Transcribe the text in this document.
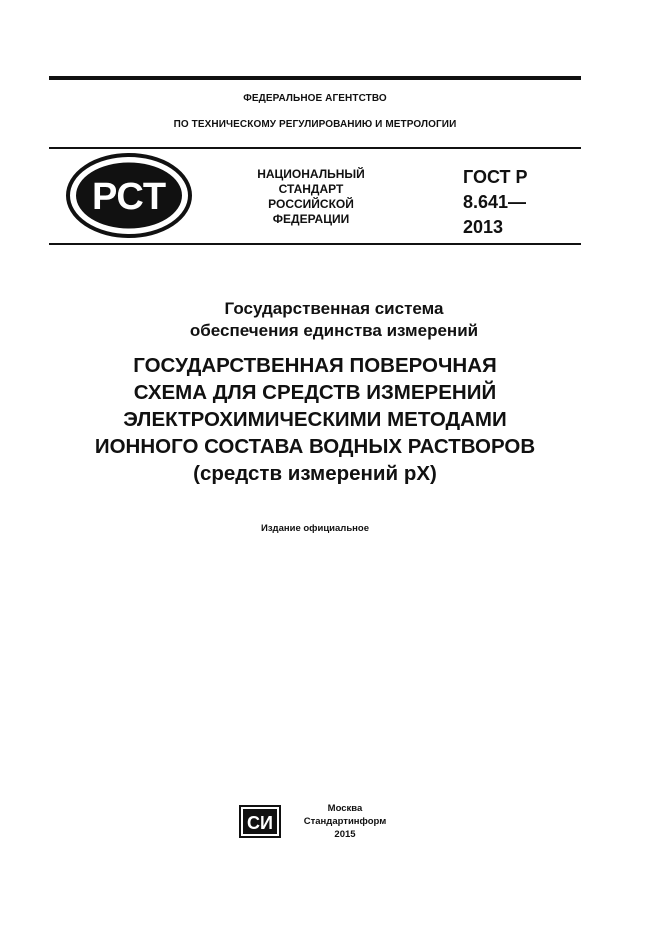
ФЕДЕРАЛЬНОЕ АГЕНТСТВО
ПО ТЕХНИЧЕСКОМУ РЕГУЛИРОВАНИЮ И МЕТРОЛОГИИ
РСТ
НАЦИОНАЛЬНЫЙ
СТАНДАРТ
РОССИЙСКОЙ
ФЕДЕРАЦИИ
ГОСТ Р
8.641—
2013
Государственная система
обеспечения единства измерений
ГОСУДАРСТВЕННАЯ ПОВЕРОЧНАЯ
СХЕМА ДЛЯ СРЕДСТВ ИЗМЕРЕНИЙ
ЭЛЕКТРОХИМИЧЕСКИМИ МЕТОДАМИ
ИОННОГО СОСТАВА ВОДНЫХ РАСТВОРОВ
(средств измерений рХ)
Издание официальное
СИ
Москва
Стандартинформ
2015
